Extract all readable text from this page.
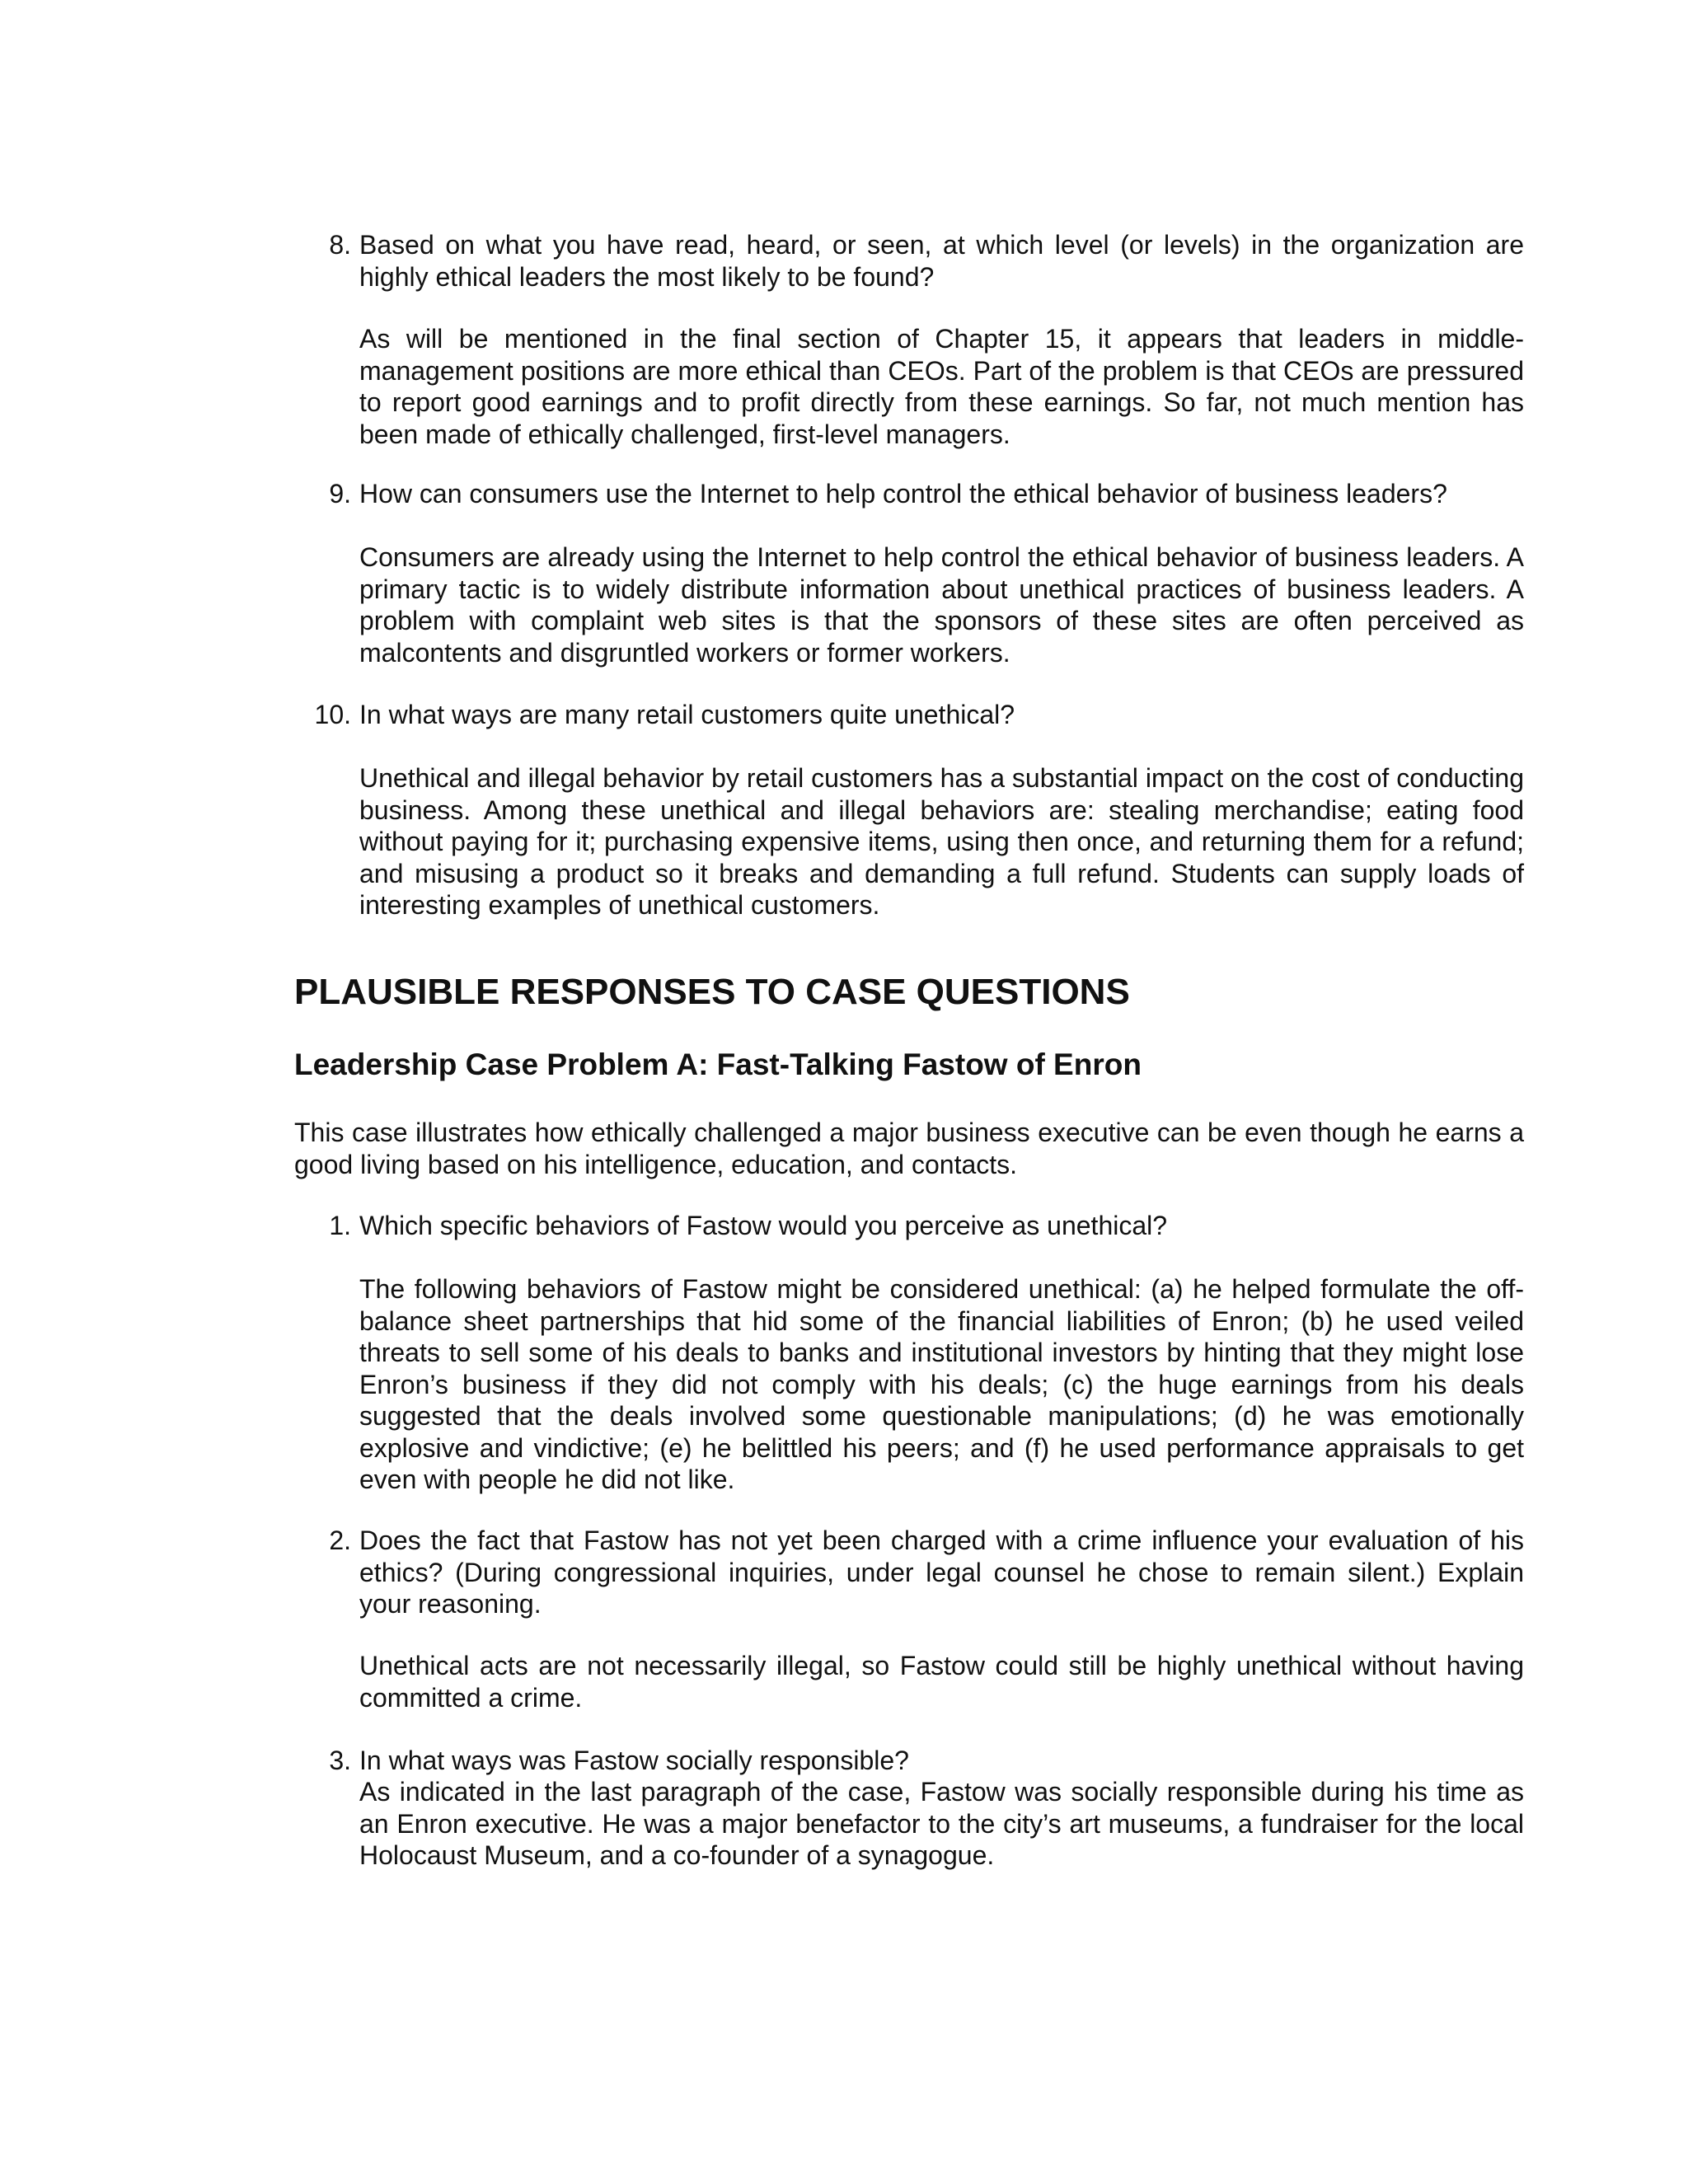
8. Based on what you have read, heard, or seen, at which level (or levels) in the organization are highly ethical leaders the most likely to be found?

As will be mentioned in the final section of Chapter 15, it appears that leaders in middle-management positions are more ethical than CEOs. Part of the problem is that CEOs are pressured to report good earnings and to profit directly from these earnings. So far, not much mention has been made of ethically challenged, first-level managers.

9. How can consumers use the Internet to help control the ethical behavior of business leaders?

Consumers are already using the Internet to help control the ethical behavior of business leaders. A primary tactic is to widely distribute information about unethical practices of business leaders. A problem with complaint web sites is that the sponsors of these sites are often perceived as malcontents and disgruntled workers or former workers.

10. In what ways are many retail customers quite unethical?

Unethical and illegal behavior by retail customers has a substantial impact on the cost of conducting business. Among these unethical and illegal behaviors are: stealing merchandise; eating food without paying for it; purchasing expensive items, using then once, and returning them for a refund; and misusing a product so it breaks and demanding a full refund. Students can supply loads of interesting examples of unethical customers.

PLAUSIBLE RESPONSES TO CASE QUESTIONS
Leadership Case Problem A: Fast-Talking Fastow of Enron

This case illustrates how ethically challenged a major business executive can be even though he earns a good living based on his intelligence, education, and contacts.

1. Which specific behaviors of Fastow would you perceive as unethical?

The following behaviors of Fastow might be considered unethical: (a) he helped formulate the off-balance sheet partnerships that hid some of the financial liabilities of Enron; (b) he used veiled threats to sell some of his deals to banks and institutional investors by hinting that they might lose Enron’s business if they did not comply with his deals; (c) the huge earnings from his deals suggested that the deals involved some questionable manipulations; (d) he was emotionally explosive and vindictive; (e) he belittled his peers; and (f) he used performance appraisals to get even with people he did not like.

2. Does the fact that Fastow has not yet been charged with a crime influence your evaluation of his ethics? (During congressional inquiries, under legal counsel he chose to remain silent.) Explain your reasoning.

Unethical acts are not necessarily illegal, so Fastow could still be highly unethical without having committed a crime.

3. In what ways was Fastow socially responsible?

As indicated in the last paragraph of the case, Fastow was socially responsible during his time as an Enron executive. He was a major benefactor to the city’s art museums, a fundraiser for the local Holocaust Museum, and a co-founder of a synagogue.
